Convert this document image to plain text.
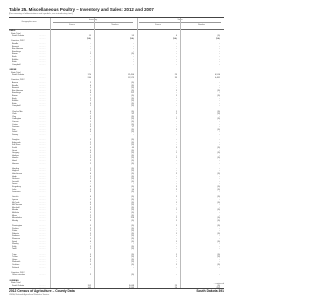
Table 25. Miscellaneous Poultry – Inventory and Sales: 2012 and 2007
[For meaning of abbreviations and symbols, see introductory text.]
Geographic area
Inventory	Sales
Farms	Number	Farms	Number
EMUS
State Total
South Dakota	.........	15	53	4	(D)
.........	(NA)	(NA)	(NA)	(NA)
Counties, 2012
Beadle	.........	-	-	-	-
Bennett	.........	-	-	-	-
Bon Homme	.........	-	-	-	-
Brookings	.........	-	-	-	-
Brown	.........	1	(D)	-	-
Brule	.........	-	-	-	-
Buffalo	.........	-	-	-	-
Butte	.........	-	-	-	-
Campbell	.........	-	-	-	-
GEESE
State Total
South Dakota	.........	174	12,496	29	6,916
.........	240	11,573	39	4,461
Counties, 2012
Aurora	.........	2	(D)	-	-
Beadle	.........	6	(D)	-	-
Bennett	.........	1	(D)	-	-
Bon Homme	.........	5	(D)	1	(D)
Brookings	.........	6	112	-	-
Brown	.........	7	(D)	1	(D)
Brule	.........	2	(D)	-	-
Buffalo	.........	1	(D)	-	-
Butte	.........	3	(D)	-	-
Campbell	.........	1	(D)	-	-
Charles Mix	.........	4	(D)	1	(D)
Clark	.........	5	62	2	(D)
Clay	.........	2	(D)	-	-
Codington	.........	6	(D)	1	(D)
Corson	.........	1	(D)	-	-
Custer	.........	2	(D)	-	-
Davison	.........	3	17	-	-
Day	.........	4	(D)	1	(D)
Deuel	.........	3	(D)	-	-
Dewey	.........	-	-	-	-
Douglas	.........	5	(D)	-	-
Edmunds	.........	2	(D)	-	-
Fall River	.........	2	(D)	-	-
Faulk	.........	4	49	1	(D)
Grant	.........	3	(D)	-	-
Gregory	.........	4	(D)	1	(D)
Haakon	.........	1	(D)	-	-
Hamlin	.........	3	(D)	1	(D)
Hand	.........	2	(D)	-	-
Hanson	.........	2	(D)	-	-
Harding	.........	1	(D)	-	-
Hughes	.........	2	(D)	-	-
Hutchinson	.........	6	(D)	2	(D)
Hyde	.........	1	(D)	-	-
Jackson	.........	1	(D)	-	-
Jerauld	.........	3	(D)	-	-
Jones	.........	-	-	-	-
Kingsbury	.........	4	(D)	1	(D)
Lake	.........	5	54	2	(D)
Lawrence	.........	3	(D)	-	-
Lincoln	.........	6	(D)	1	(D)
Lyman	.........	2	(D)	-	-
McCook	.........	4	(D)	1	(D)
McPherson	.........	3	(D)	-	-
Marshall	.........	3	(D)	-	-
Meade	.........	4	(D)	1	(D)
Mellette	.........	1	(D)	-	-
Miner	.........	2	(D)	-	-
Minnehaha	.........	9	126	2	(D)
Moody	.........	3	(D)	1	(D)
Pennington	.........	5	(D)	1	(D)
Perkins	.........	2	(D)	-	-
Potter	.........	1	(D)	-	-
Roberts	.........	5	(D)	1	(D)
Sanborn	.........	2	(D)	-	-
Shannon	.........	1	(D)	-	-
Spink	.........	4	(D)	1	(D)
Stanley	.........	-	-	-	-
Sully	.........	1	(D)	-	-
Todd	.........	1	(D)	-	-
Tripp	.........	3	(D)	1	(D)
Turner	.........	6	(D)	1	(D)
Union	.........	3	(D)	-	-
Walworth	.........	2	(D)	-	-
Yankton	.........	5	(D)	1	(D)
Ziebach	.........	-	-	-	-
Counties, 2012
Other counties	.........	2	(D)	-	-
GUINEAS
State Total
South Dakota	.........	152	3,048	23	(D)
.........	165	3,243	24	812
– continued
2012 Census of Agriculture – County Data
USDA, National Agricultural Statistics Service
South Dakota 391
